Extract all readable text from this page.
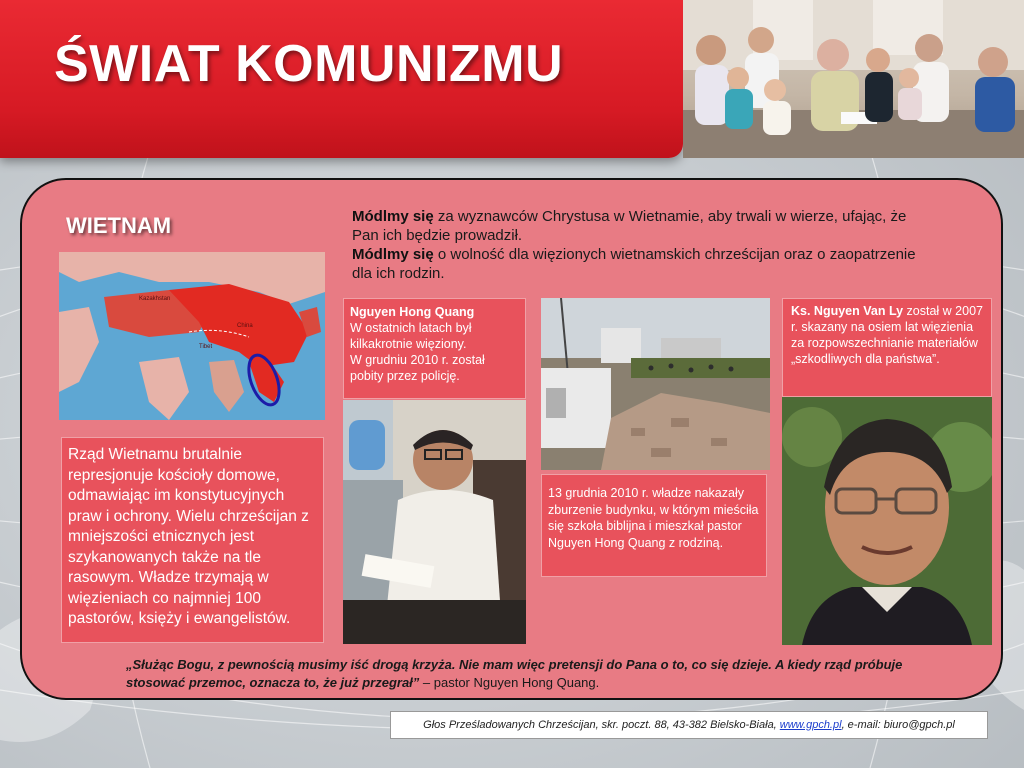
ŚWIAT KOMUNIZMU
WIETNAM	Módlmy się za wyznawców Chrystusa w Wietnamie, aby trwali w wierze, ufając, że Pan ich będzie prowadził.
Módlmy się o wolność dla więzionych wietnamskich chrześcijan oraz o zaopatrzenie dla ich rodzin.
Kazakhstan
China
Tibet
Rząd Wietnamu brutalnie represjonuje kościoły domowe, odmawiając im konstytucyjnych praw i ochrony. Wielu chrześcijan z mniejszości etnicznych jest szykanowanych także na tle rasowym. Władze trzymają w więzieniach co najmniej 100 pastorów, księży i ewangelistów.
Nguyen Hong Quang
W ostatnich latach był kilkakrotnie więziony.
W grudniu 2010 r. został pobity przez policję.
13 grudnia 2010 r. władze nakazały zburzenie budynku, w którym mieściła się szkoła biblijna i mieszkał pastor Nguyen Hong Quang z rodziną.
Ks. Nguyen Van Ly został w 2007 r. skazany na osiem lat więzienia za rozpowszechnianie materiałów „szkodliwych dla państwa”.
„Służąc Bogu, z pewnością musimy iść drogą krzyża. Nie mam więc pretensji do Pana o to, co się dzieje. A kiedy rząd próbuje stosować przemoc, oznacza to, że już przegrał” – pastor Nguyen Hong Quang.
Głos Prześladowanych Chrześcijan, skr. poczt. 88, 43-382 Bielsko-Biała, www.gpch.pl, e-mail: biuro@gpch.pl
